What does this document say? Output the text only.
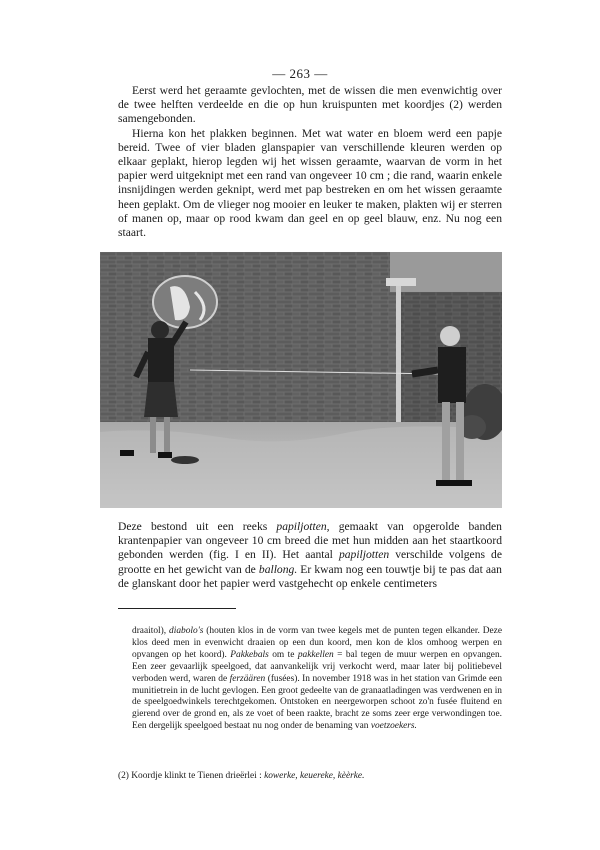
— 263 —

Eerst werd het geraamte gevlochten, met de wissen die men evenwichtig over de twee helften verdeelde en die op hun kruispunten met koordjes (2) werden samengebonden.

Hierna kon het plakken beginnen. Met wat water en bloem werd een papje bereid. Twee of vier bladen glanspapier van verschillende kleuren werden op elkaar geplakt, hierop legden wij het wissen geraamte, waarvan de vorm in het papier werd uitgeknipt met een rand van ongeveer 10 cm ; die rand, waarin enkele insnijdingen werden geknipt, werd met pap bestreken en om het wissen geraamte heen geplakt. Om de vlieger nog mooier en leuker te maken, plakten wij er sterren of manen op, maar op rood kwam dan geel en op geel blauw, enz. Nu nog een staart.

Deze bestond uit een reeks papiljotten, gemaakt van opgerolde banden krantenpapier van ongeveer 10 cm breed die met hun midden aan het staartkoord gebonden werden (fig. I en II). Het aantal papiljotten verschilde volgens de grootte en het gewicht van de ballong. Er kwam nog een touwtje bij te pas dat aan de glanskant door het papier werd vastgehecht op enkele centimeters

draaitol), diabolo's (houten klos in de vorm van twee kegels met de punten tegen elkander. Deze klos deed men in evenwicht draaien op een dun koord, men kon de klos omhoog werpen en opvangen op het koord). Pakkebals om te pakkellen = bal tegen de muur werpen en opvangen. Een zeer gevaarlijk speelgoed, dat aanvankelijk vrij verkocht werd, maar later bij politiebevel verboden werd, waren de ferzäären (fusées). In november 1918 was in het station van Grimde een munitietrein in de lucht gevlogen. Een groot gedeelte van de granaatladingen was verdwenen en in de speelgoedwinkels terechtgekomen. Ontstoken en neergeworpen schoot zo'n fusée fluitend en gierend over de grond en, als ze voet of been raakte, bracht ze soms zeer erge verwondingen toe. Een dergelijk speelgoed bestaat nu nog onder de benaming van voetzoekers.

(2) Koordje klinkt te Tienen drieërlei : kowerke, keuereke, kèèrke.
